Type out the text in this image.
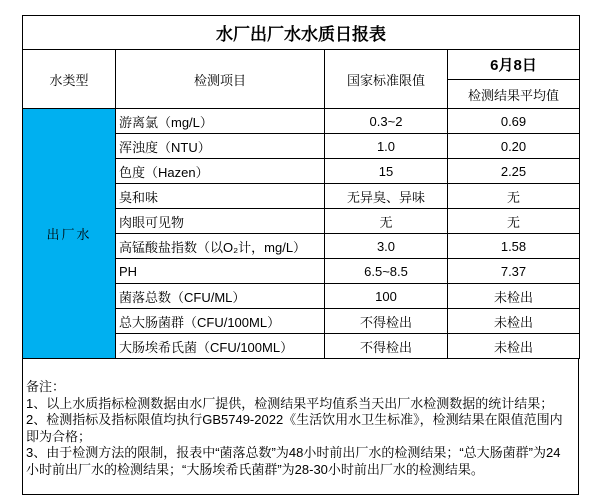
水厂出厂水水质日报表			
水类型	检测项目	国家标准限值	6月8日
			检测结果平均值
出厂水	游离氯（mg/L）	0.3~2	0.69
	浑浊度（NTU）	1.0	0.20
	色度（Hazen）	15	2.25
	臭和味	无异臭、异味	无
	肉眼可见物	无	无
	高锰酸盐指数（以O₂计，mg/L）	3.0	1.58
	PH	6.5~8.5	7.37
	菌落总数（CFU/ML）	100	未检出
	总大肠菌群（CFU/100ML）	不得检出	未检出
	大肠埃希氏菌（CFU/100ML）	不得检出	未检出
备注：
1、以上水质指标检测数据由水厂提供，检测结果平均值系当天出厂水检测数据的统计结果；
2、检测指标及指标限值均执行GB5749-2022《生活饮用水卫生标准》，检测结果在限值范围内即为合格；
3、由于检测方法的限制，报表中“菌落总数”为48小时前出厂水的检测结果；“总大肠菌群”为24小时前出厂水的检测结果；“大肠埃希氏菌群”为28-30小时前出厂水的检测结果。
